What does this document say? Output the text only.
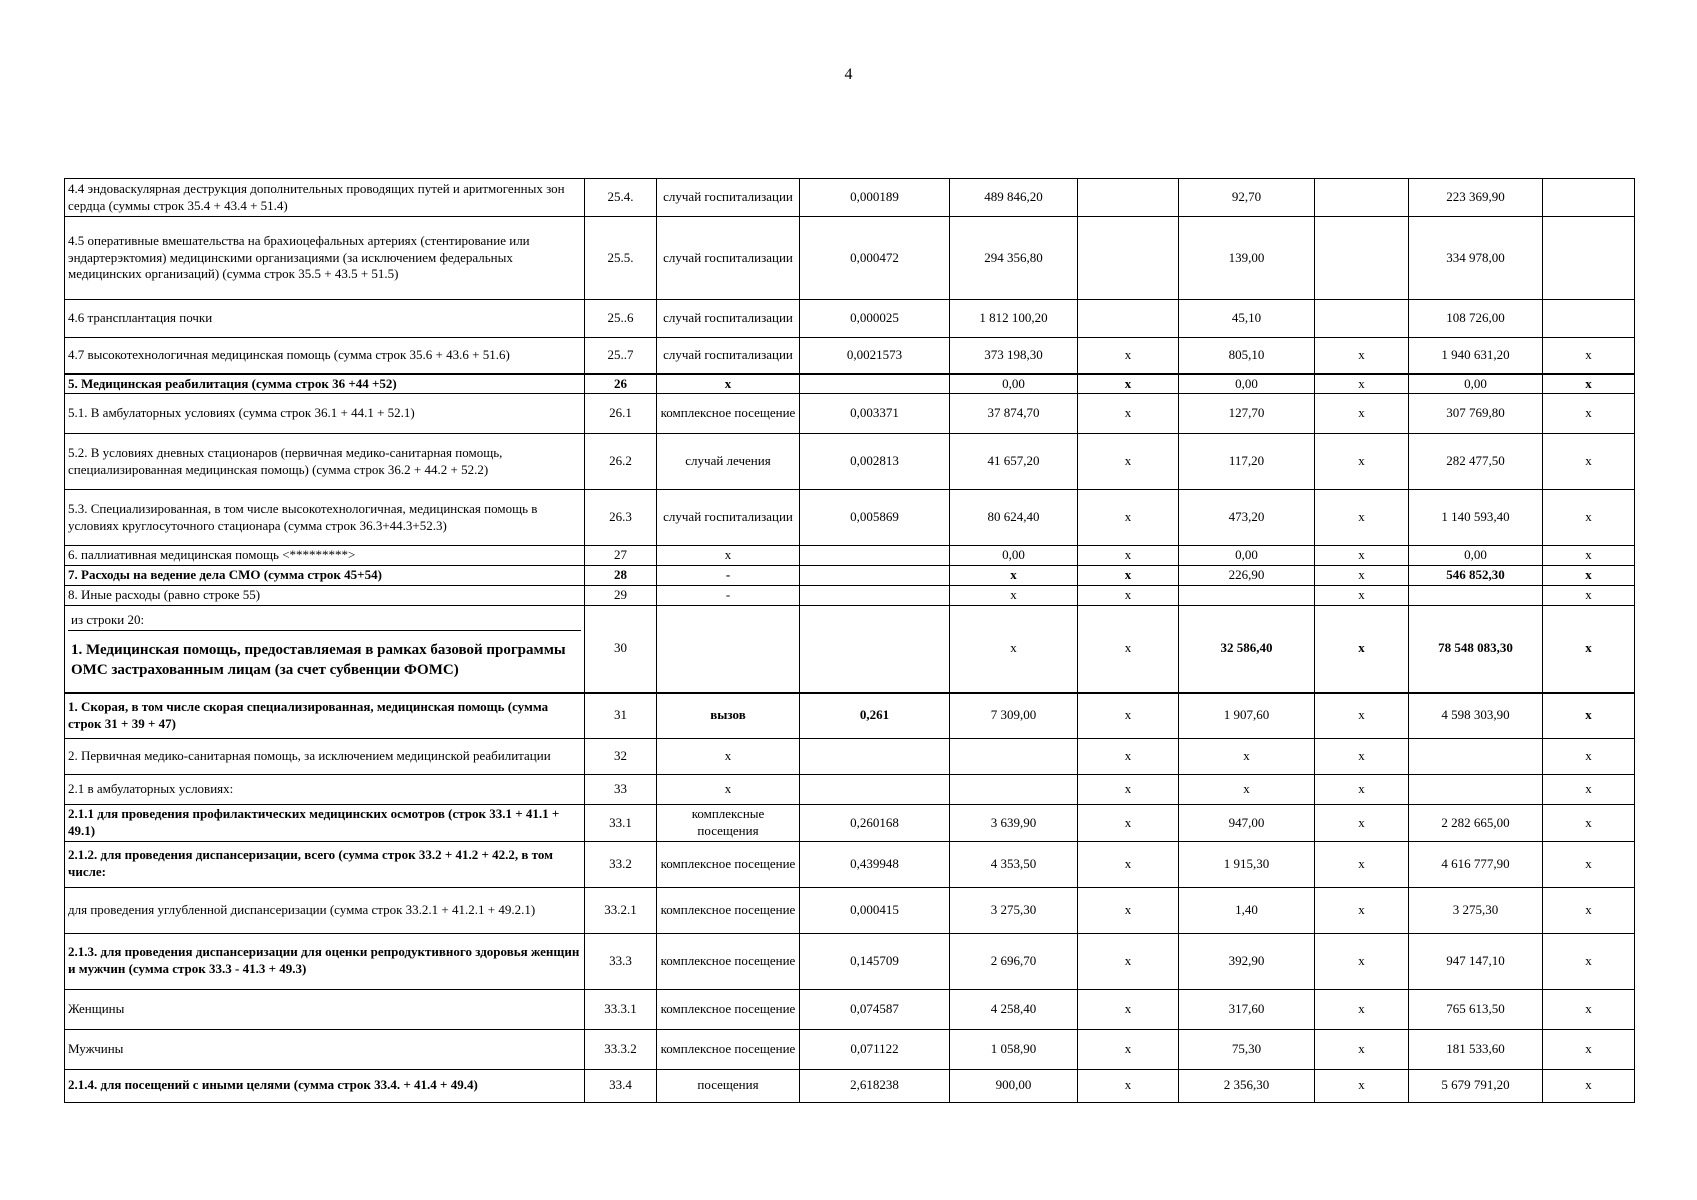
4
4.4 эндоваскулярная деструкция дополнительных проводящих путей и аритмогенных зон сердца (суммы строк 35.4 + 43.4 + 51.4)	25.4.	случай госпитализации	0,000189	489 846,20		92,70		223 369,90	
4.5 оперативные вмешательства на брахиоцефальных артериях (стентирование или эндартерэктомия) медицинскими организациями (за исключением федеральных медицинских организаций) (сумма строк 35.5 + 43.5 + 51.5)	25.5.	случай госпитализации	0,000472	294 356,80		139,00		334 978,00	
4.6 трансплантация почки	25..6	случай госпитализации	0,000025	1 812 100,20		45,10		108 726,00	
4.7 высокотехнологичная медицинская помощь (сумма строк 35.6 + 43.6 + 51.6)	25..7	случай госпитализации	0,0021573	373 198,30	х	805,10	х	1 940 631,20	х
5. Медицинская реабилитация (сумма строк 36 +44 +52)	26	х		0,00	х	0,00	х	0,00	х
5.1. В амбулаторных условиях (сумма строк 36.1 + 44.1 + 52.1)	26.1	комплексное посещение	0,003371	37 874,70	х	127,70	х	307 769,80	х
5.2. В условиях дневных стационаров (первичная медико-санитарная помощь, специализированная медицинская помощь) (сумма строк 36.2 + 44.2 + 52.2)	26.2	случай лечения	0,002813	41 657,20	х	117,20	х	282 477,50	х
5.3. Специализированная, в том числе высокотехнологичная, медицинская помощь в условиях круглосуточного стационара (сумма строк 36.3+44.3+52.3)	26.3	случай госпитализации	0,005869	80 624,40	х	473,20	х	1 140 593,40	х
6. паллиативная медицинская помощь <*********>	27	х		0,00	х	0,00	х	0,00	х
7. Расходы на ведение дела СМО (сумма строк 45+54)	28	-		х	х	226,90	х	546 852,30	х
8. Иные расходы (равно строке 55)	29	-		х	х		х		х

из строки 20:
1. Медицинская помощь, предоставляемая в рамках базовой программы ОМС застрахованным лицам (за счет субвенции ФОМС)	30			х	х	32 586,40	х	78 548 083,30	х
1. Скорая, в том числе скорая специализированная, медицинская помощь (сумма строк 31 + 39 + 47)	31	вызов	0,261	7 309,00	х	1 907,60	х	4 598 303,90	х
2. Первичная медико-санитарная помощь, за исключением медицинской реабилитации	32	х			х	х	х		х
2.1 в амбулаторных условиях:	33	х			х	х	х		х
2.1.1 для проведения профилактических медицинских осмотров (строк 33.1 + 41.1 + 49.1)	33.1	комплексные посещения	0,260168	3 639,90	х	947,00	х	2 282 665,00	х
2.1.2. для проведения диспансеризации, всего (сумма строк 33.2 + 41.2 + 42.2, в том числе:	33.2	комплексное посещение	0,439948	4 353,50	х	1 915,30	х	4 616 777,90	х
для проведения углубленной диспансеризации (сумма строк 33.2.1 + 41.2.1 + 49.2.1)	33.2.1	комплексное посещение	0,000415	3 275,30	х	1,40	х	3 275,30	х
2.1.3. для проведения диспансеризации для оценки репродуктивного здоровья женщин и мужчин (сумма строк 33.3 - 41.3 + 49.3)	33.3	комплексное посещение	0,145709	2 696,70	х	392,90	х	947 147,10	х
Женщины	33.3.1	комплексное посещение	0,074587	4 258,40	х	317,60	х	765 613,50	х
Мужчины	33.3.2	комплексное посещение	0,071122	1 058,90	х	75,30	х	181 533,60	х
2.1.4. для посещений с иными целями (сумма строк 33.4. + 41.4 + 49.4)	33.4	посещения	2,618238	900,00	х	2 356,30	х	5 679 791,20	х
